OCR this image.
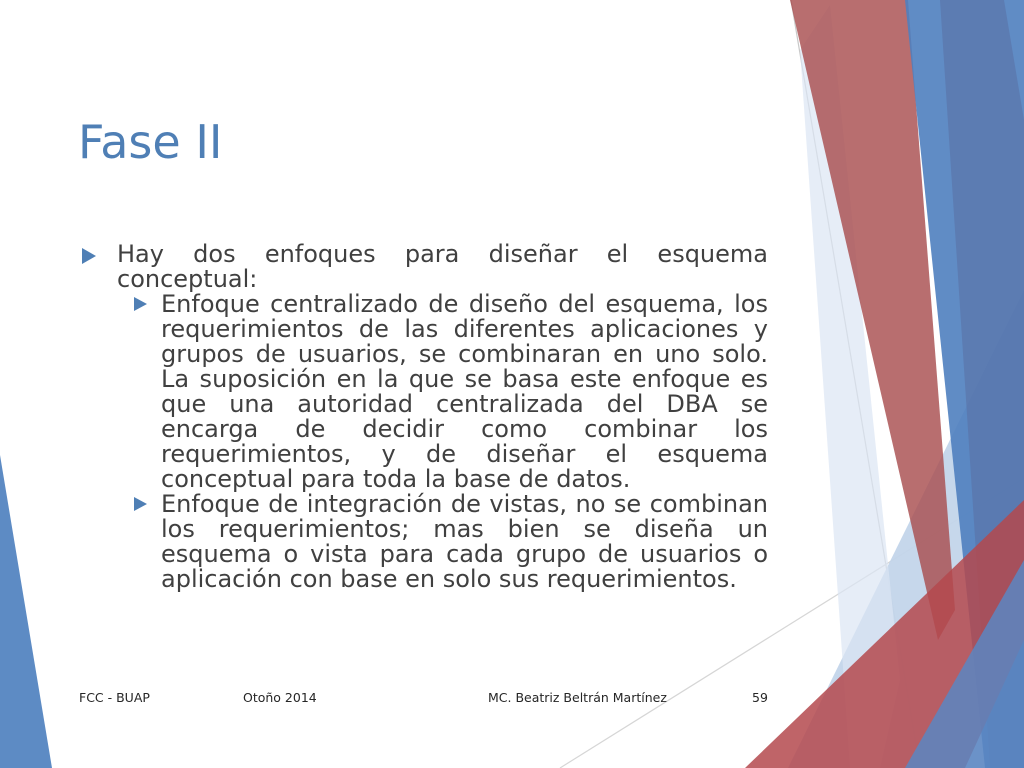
Fase II

Hay dos enfoques para diseñar el esquema conceptual:

Enfoque centralizado de diseño del esquema, los requerimientos de las diferentes aplicaciones y grupos de usuarios, se combinaran en uno solo. La suposición en la que se basa este enfoque es que una autoridad centralizada del DBA se encarga de decidir como combinar los requerimientos, y de diseñar el esquema conceptual para toda la base de datos.

Enfoque de integración de vistas, no se combinan los requerimientos; mas bien se diseña un esquema o vista para cada grupo de usuarios o aplicación con base en solo sus requerimientos.

FCC - BUAP	Otoño 2014	MC. Beatriz Beltrán Martínez	59
